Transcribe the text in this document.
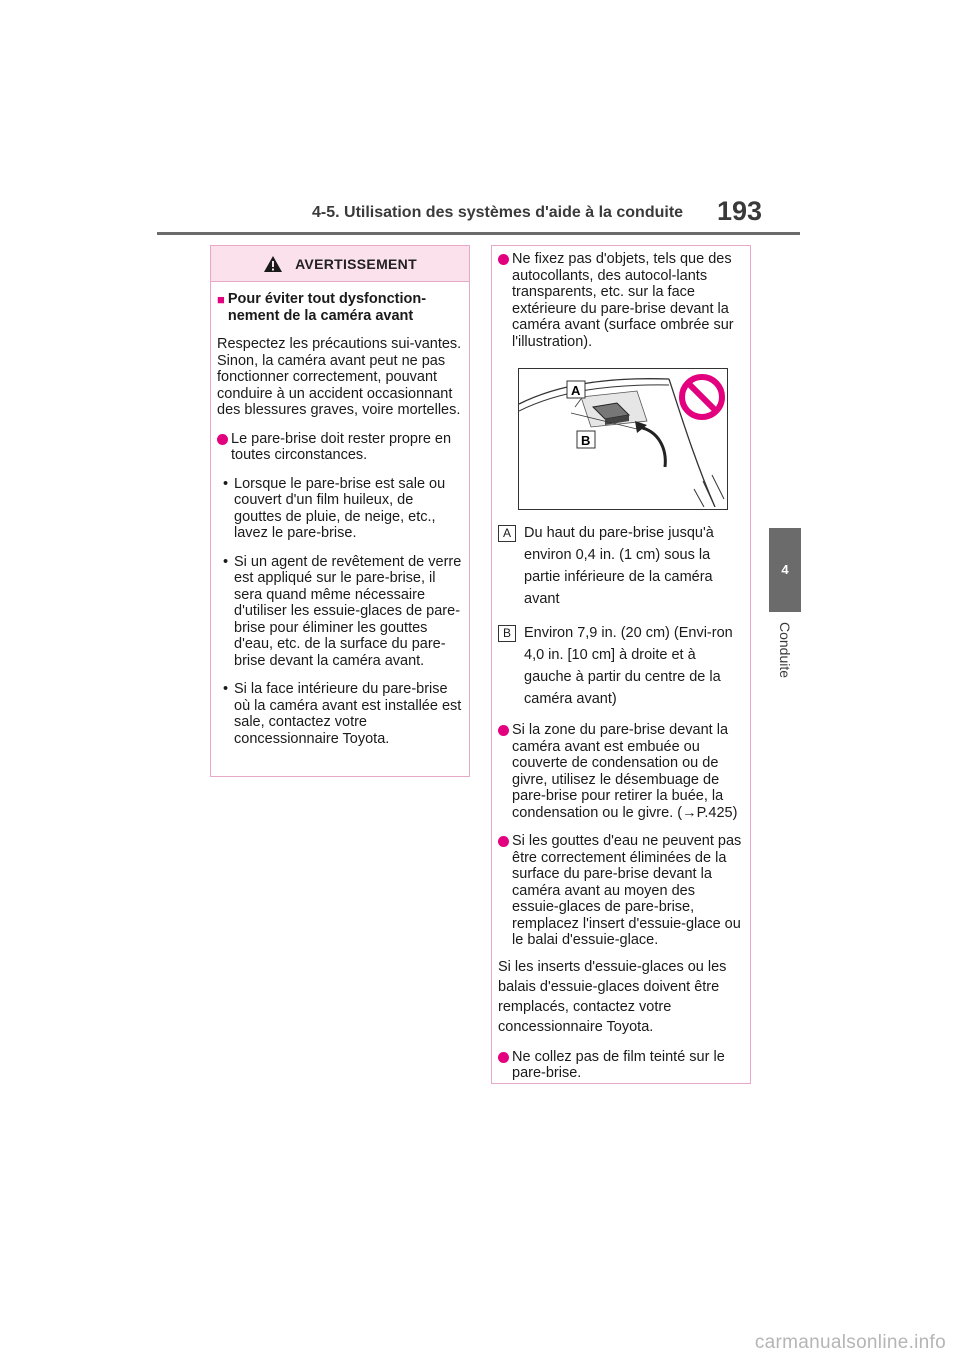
4-5. Utilisation des systèmes d'aide à la conduite	193
4
Conduite
AVERTISSEMENT
■ Pour éviter tout dysfonction-nement de la caméra avant

Respectez les précautions sui-vantes.

Sinon, la caméra avant peut ne pas fonctionner correctement, pouvant conduire à un accident occasionnant des blessures graves, voire mortelles.

Le pare-brise doit rester propre en toutes circonstances.
• Lorsque le pare-brise est sale ou couvert d'un film huileux, de gouttes de pluie, de neige, etc., lavez le pare-brise.
• Si un agent de revêtement de verre est appliqué sur le pare-brise, il sera quand même nécessaire d'utiliser les essuie-glaces de pare-brise pour éliminer les gouttes d'eau, etc. de la surface du pare-brise devant la caméra avant.
• Si la face intérieure du pare-brise où la caméra avant est installée est sale, contactez votre concessionnaire Toyota.
Ne fixez pas d'objets, tels que des autocollants, des autocol-lants transparents, etc. sur la face extérieure du pare-brise devant la caméra avant (surface ombrée sur l'illustration).
A
B
A Du haut du pare-brise jusqu'à environ 0,4 in. (1 cm) sous la partie inférieure de la caméra avant
B Environ 7,9 in. (20 cm) (Envi-ron 4,0 in. [10 cm] à droite et à gauche à partir du centre de la caméra avant)
Si la zone du pare-brise devant la caméra avant est embuée ou couverte de condensation ou de givre, utilisez le désembuage de pare-brise pour retirer la buée, la condensation ou le givre. (→P.425)
Si les gouttes d'eau ne peuvent pas être correctement éliminées de la surface du pare-brise devant la caméra avant au moyen des essuie-glaces de pare-brise, remplacez l'insert d'essuie-glace ou le balai d'essuie-glace.

Si les inserts d'essuie-glaces ou les balais d'essuie-glaces doivent être remplacés, contactez votre concessionnaire Toyota.

Ne collez pas de film teinté sur le pare-brise.
carmanualsonline.info
